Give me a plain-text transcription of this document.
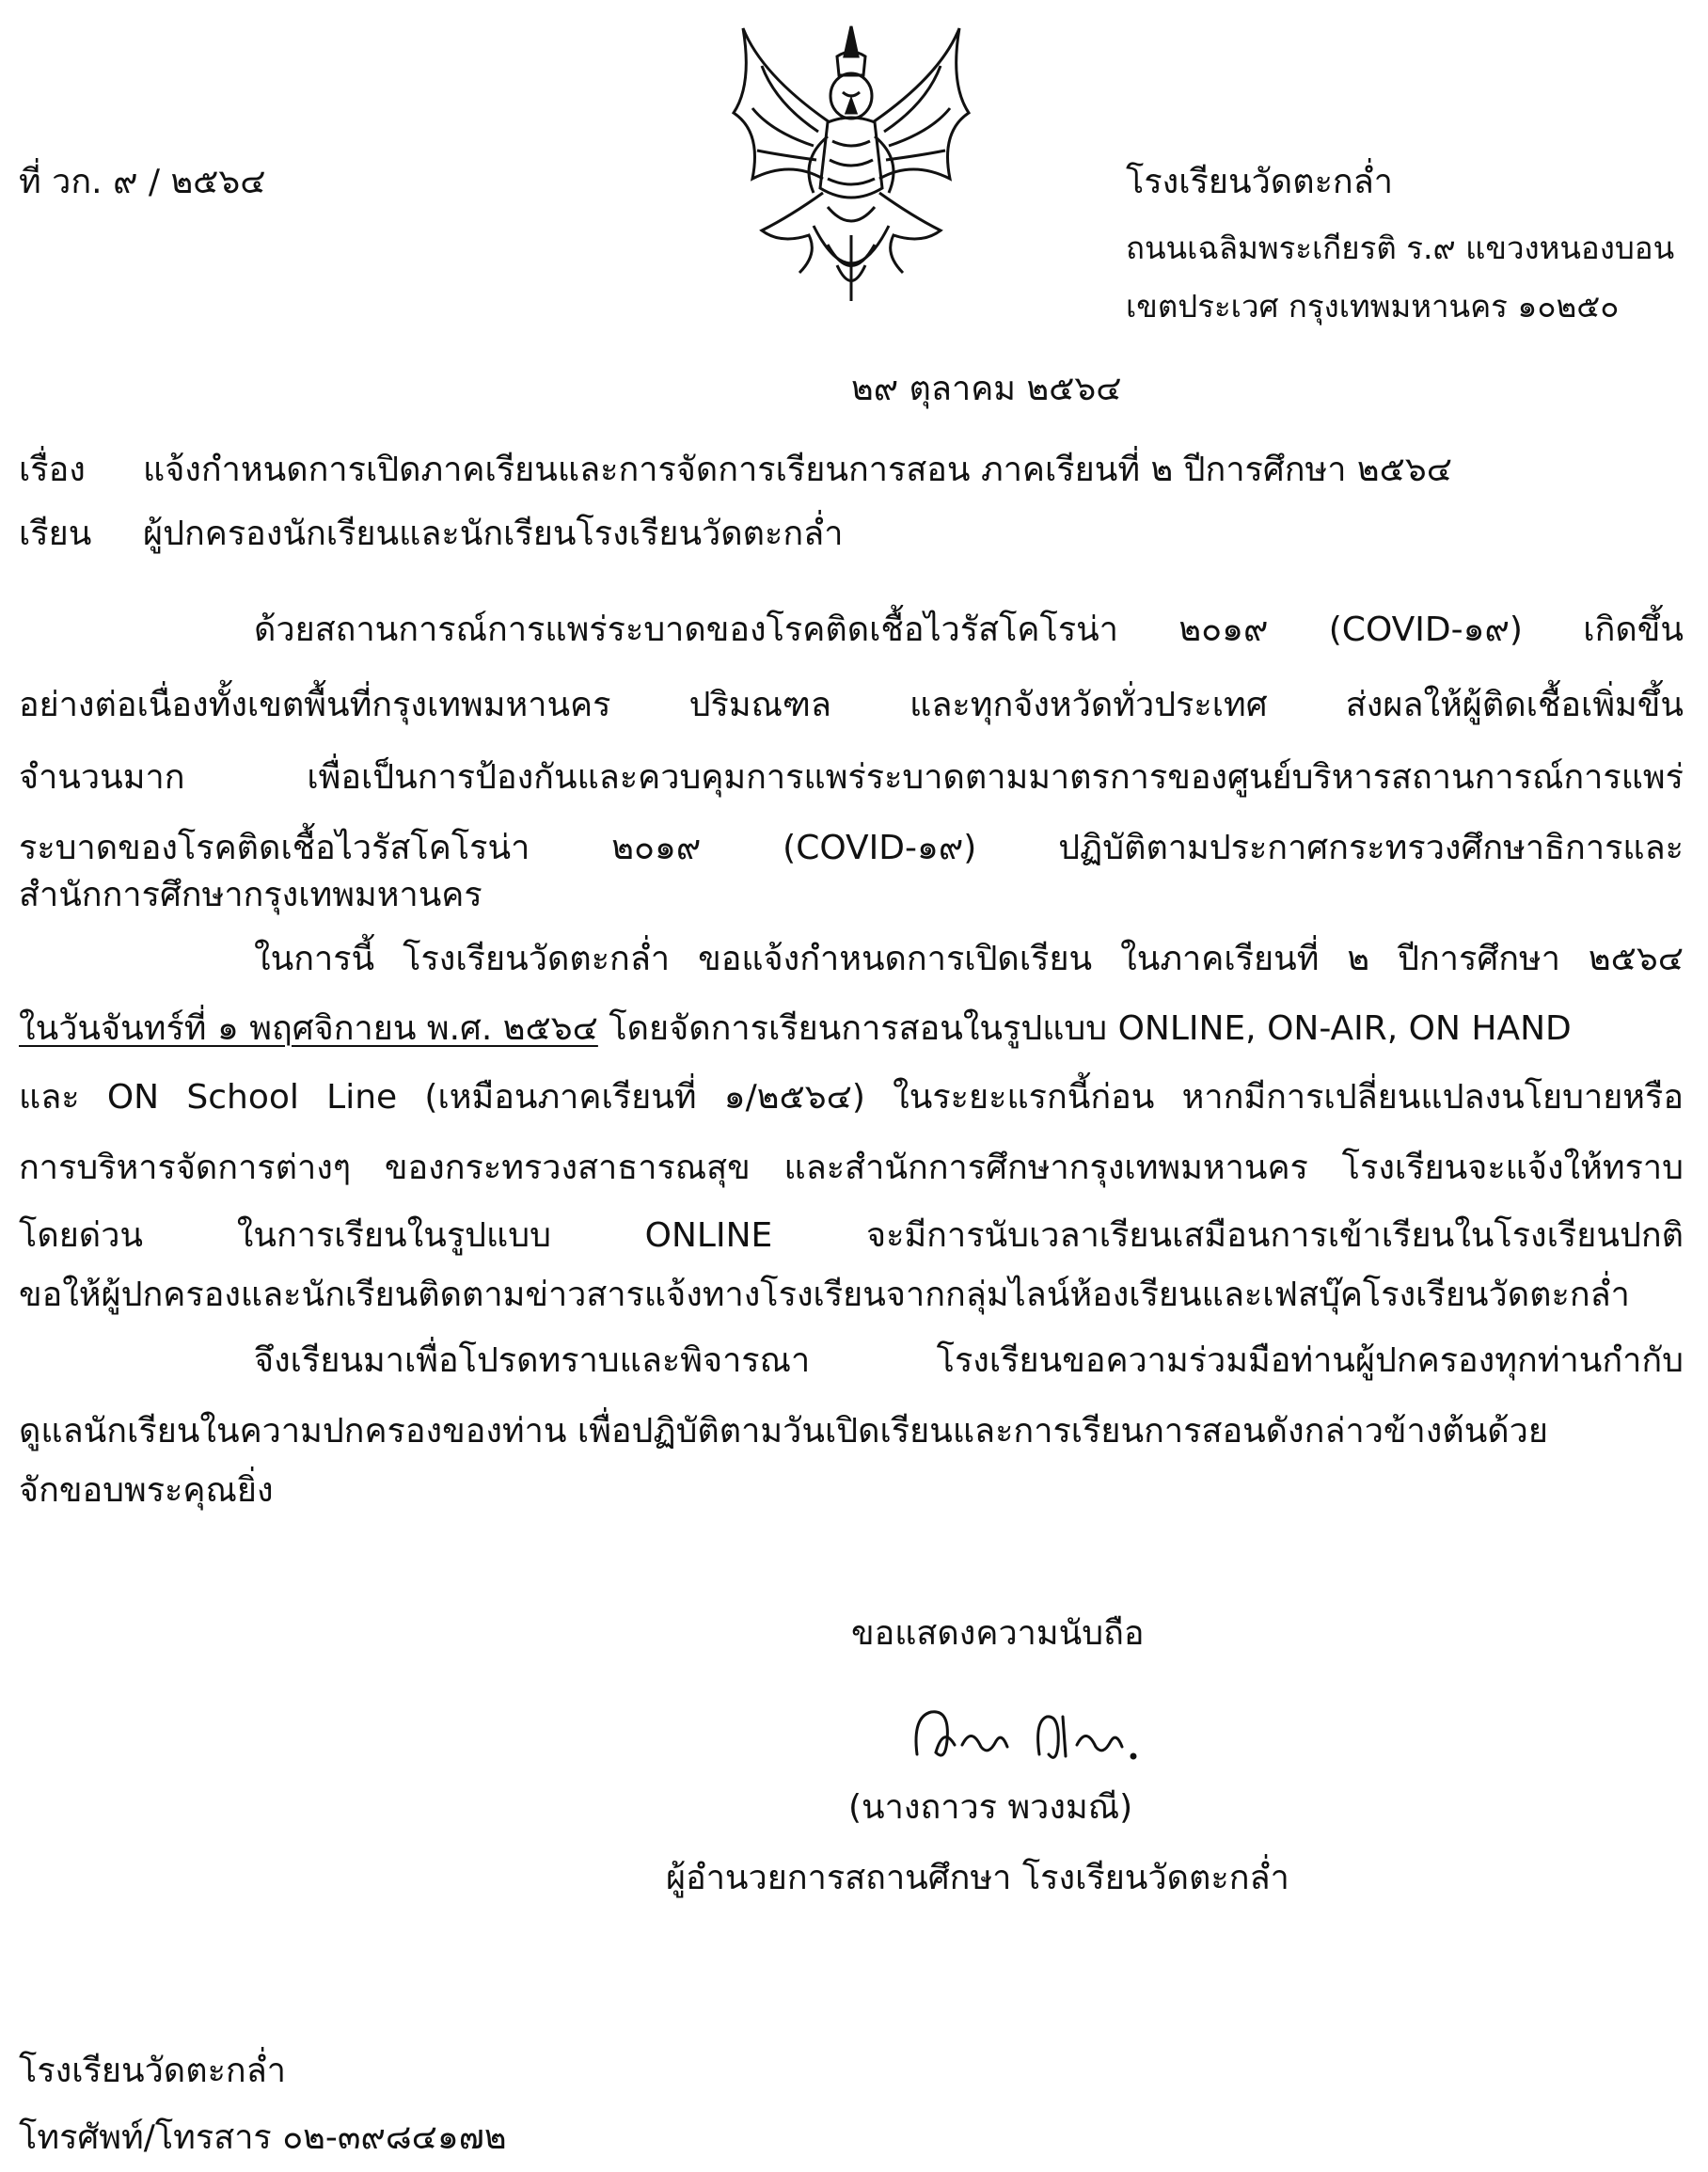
ที่ วก. ๙ / ๒๕๖๔	โรงเรียนวัดตะกล่ำ
ถนนเฉลิมพระเกียรติ ร.๙ แขวงหนองบอน
เขตประเวศ กรุงเทพมหานคร ๑๐๒๕๐
๒๙ ตุลาคม ๒๕๖๔
เรื่อง แจ้งกำหนดการเปิดภาคเรียนและการจัดการเรียนการสอน ภาคเรียนที่ ๒ ปีการศึกษา ๒๕๖๔
เรียน ผู้ปกครองนักเรียนและนักเรียนโรงเรียนวัดตะกล่ำ
ด้วยสถานการณ์การแพร่ระบาดของโรคติดเชื้อไวรัสโคโรน่า ๒๐๑๙ (COVID-๑๙) เกิดขึ้น
อย่างต่อเนื่องทั้งเขตพื้นที่กรุงเทพมหานคร ปริมณฑล และทุกจังหวัดทั่วประเทศ ส่งผลให้ผู้ติดเชื้อเพิ่มขึ้น
จำนวนมาก เพื่อเป็นการป้องกันและควบคุมการแพร่ระบาดตามมาตรการของศูนย์บริหารสถานการณ์การแพร่
ระบาดของโรคติดเชื้อไวรัสโคโรน่า ๒๐๑๙ (COVID-๑๙) ปฏิบัติตามประกาศกระทรวงศึกษาธิการและ
สำนักการศึกษากรุงเทพมหานคร
ในการนี้ โรงเรียนวัดตะกล่ำ ขอแจ้งกำหนดการเปิดเรียน ในภาคเรียนที่ ๒ ปีการศึกษา ๒๕๖๔
ในวันจันทร์ที่ ๑ พฤศจิกายน พ.ศ. ๒๕๖๔ โดยจัดการเรียนการสอนในรูปแบบ ONLINE, ON-AIR, ON HAND
และ ON School Line (เหมือนภาคเรียนที่ ๑/๒๕๖๔) ในระยะแรกนี้ก่อน หากมีการเปลี่ยนแปลงนโยบายหรือ
การบริหารจัดการต่างๆ ของกระทรวงสาธารณสุข และสำนักการศึกษากรุงเทพมหานคร โรงเรียนจะแจ้งให้ทราบ
โดยด่วน ในการเรียนในรูปแบบ ONLINE จะมีการนับเวลาเรียนเสมือนการเข้าเรียนในโรงเรียนปกติ
ขอให้ผู้ปกครองและนักเรียนติดตามข่าวสารแจ้งทางโรงเรียนจากกลุ่มไลน์ห้องเรียนและเฟสบุ๊คโรงเรียนวัดตะกล่ำ
จึงเรียนมาเพื่อโปรดทราบและพิจารณา โรงเรียนขอความร่วมมือท่านผู้ปกครองทุกท่านกำกับ
ดูแลนักเรียนในความปกครองของท่าน เพื่อปฏิบัติตามวันเปิดเรียนและการเรียนการสอนดังกล่าวข้างต้นด้วย
จักขอบพระคุณยิ่ง
ขอแสดงความนับถือ
(นางถาวร พวงมณี)
ผู้อำนวยการสถานศึกษา โรงเรียนวัดตะกล่ำ
โรงเรียนวัดตะกล่ำ
โทรศัพท์/โทรสาร ๐๒-๓๙๘๔๑๗๒
